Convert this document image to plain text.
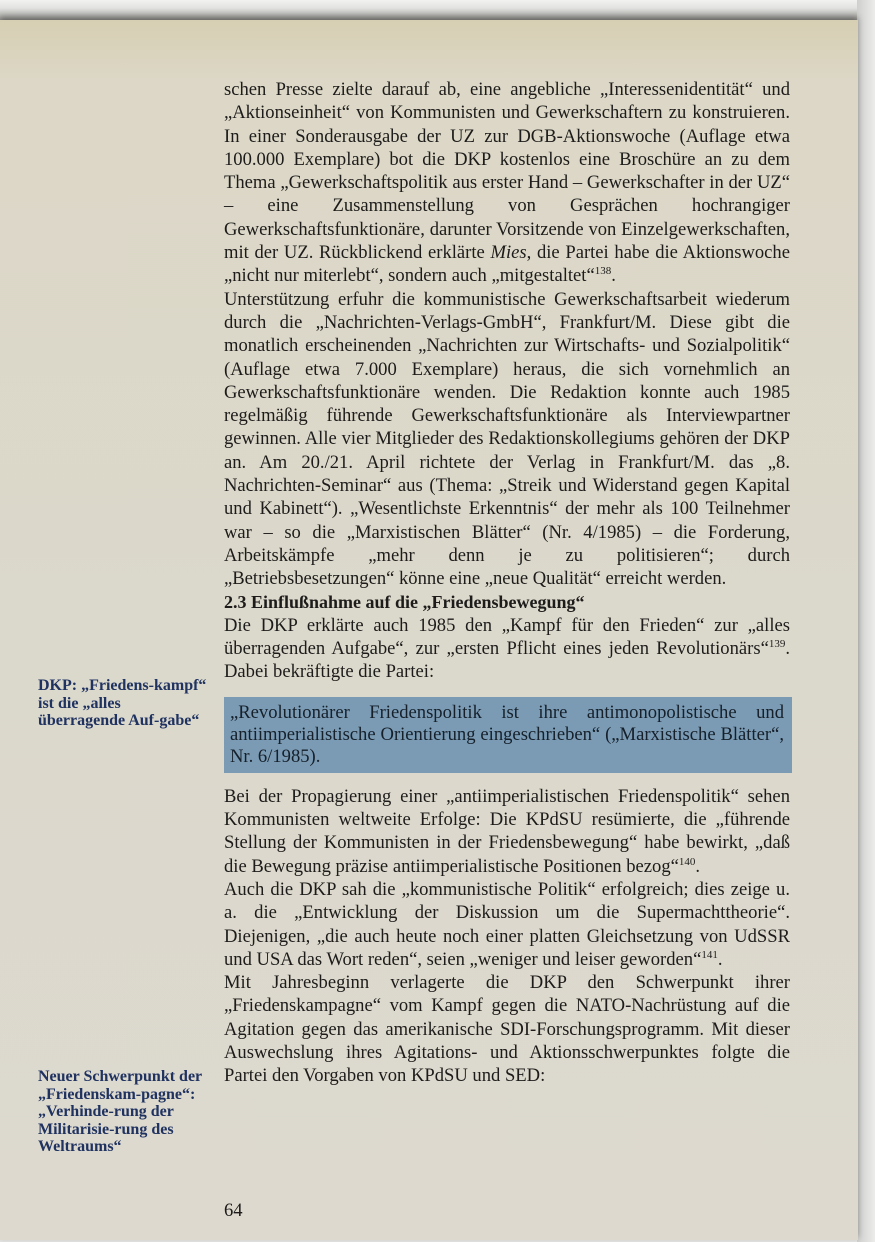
DKP: „Friedens-kampf“ ist die „alles überragende Auf-gabe“
Neuer Schwerpunkt der „Friedenskam-pagne“: „Verhinde-rung der Militarisie-rung des Weltraums“

schen Presse zielte darauf ab, eine angebliche „Interessenidentität“ und „Aktionseinheit“ von Kommunisten und Gewerkschaftern zu konstruieren. In einer Sonderausgabe der UZ zur DGB-Aktionswoche (Auflage etwa 100.000 Exemplare) bot die DKP kostenlos eine Broschüre an zu dem Thema „Gewerkschaftspolitik aus erster Hand – Gewerkschafter in der UZ“ – eine Zusammenstellung von Gesprächen hochrangiger Gewerkschaftsfunktionäre, darunter Vorsitzende von Einzelgewerkschaften, mit der UZ. Rückblickend erklärte Mies, die Partei habe die Aktionswoche „nicht nur miterlebt“, sondern auch „mitgestaltet“$^{138}$.

Unterstützung erfuhr die kommunistische Gewerkschaftsarbeit wiederum durch die „Nachrichten-Verlags-GmbH“, Frankfurt/M. Diese gibt die monatlich erscheinenden „Nachrichten zur Wirtschafts- und Sozialpolitik“ (Auflage etwa 7.000 Exemplare) heraus, die sich vornehmlich an Gewerkschaftsfunktionäre wenden. Die Redaktion konnte auch 1985 regelmäßig führende Gewerkschaftsfunktionäre als Interviewpartner gewinnen. Alle vier Mitglieder des Redaktionskollegiums gehören der DKP an. Am 20./21. April richtete der Verlag in Frankfurt/M. das „8. Nachrichten-Seminar“ aus (Thema: „Streik und Widerstand gegen Kapital und Kabinett“). „Wesentlichste Erkenntnis“ der mehr als 100 Teilnehmer war – so die „Marxistischen Blätter“ (Nr. 4/1985) – die Forderung, Arbeitskämpfe „mehr denn je zu politisieren“; durch „Betriebsbesetzungen“ könne eine „neue Qualität“ erreicht werden.

2.3 Einflußnahme auf die „Friedensbewegung“

Die DKP erklärte auch 1985 den „Kampf für den Frieden“ zur „alles überragenden Aufgabe“, zur „ersten Pflicht eines jeden Revolutionärs“$^{139}$. Dabei bekräftigte die Partei:

„Revolutionärer Friedenspolitik ist ihre antimonopolistische und antiimperialistische Orientierung eingeschrieben“ („Marxistische Blätter“, Nr. 6/1985).

Bei der Propagierung einer „antiimperialistischen Friedenspolitik“ sehen Kommunisten weltweite Erfolge: Die KPdSU resümierte, die „führende Stellung der Kommunisten in der Friedensbewegung“ habe bewirkt, „daß die Bewegung präzise antiimperialistische Positionen bezog“$^{140}$.

Auch die DKP sah die „kommunistische Politik“ erfolgreich; dies zeige u. a. die „Entwicklung der Diskussion um die Supermachttheorie“. Diejenigen, „die auch heute noch einer platten Gleichsetzung von UdSSR und USA das Wort reden“, seien „weniger und leiser geworden“$^{141}$.

Mit Jahresbeginn verlagerte die DKP den Schwerpunkt ihrer „Friedenskampagne“ vom Kampf gegen die NATO-Nachrüstung auf die Agitation gegen das amerikanische SDI-Forschungsprogramm. Mit dieser Auswechslung ihres Agitations- und Aktionsschwerpunktes folgte die Partei den Vorgaben von KPdSU und SED:

64
